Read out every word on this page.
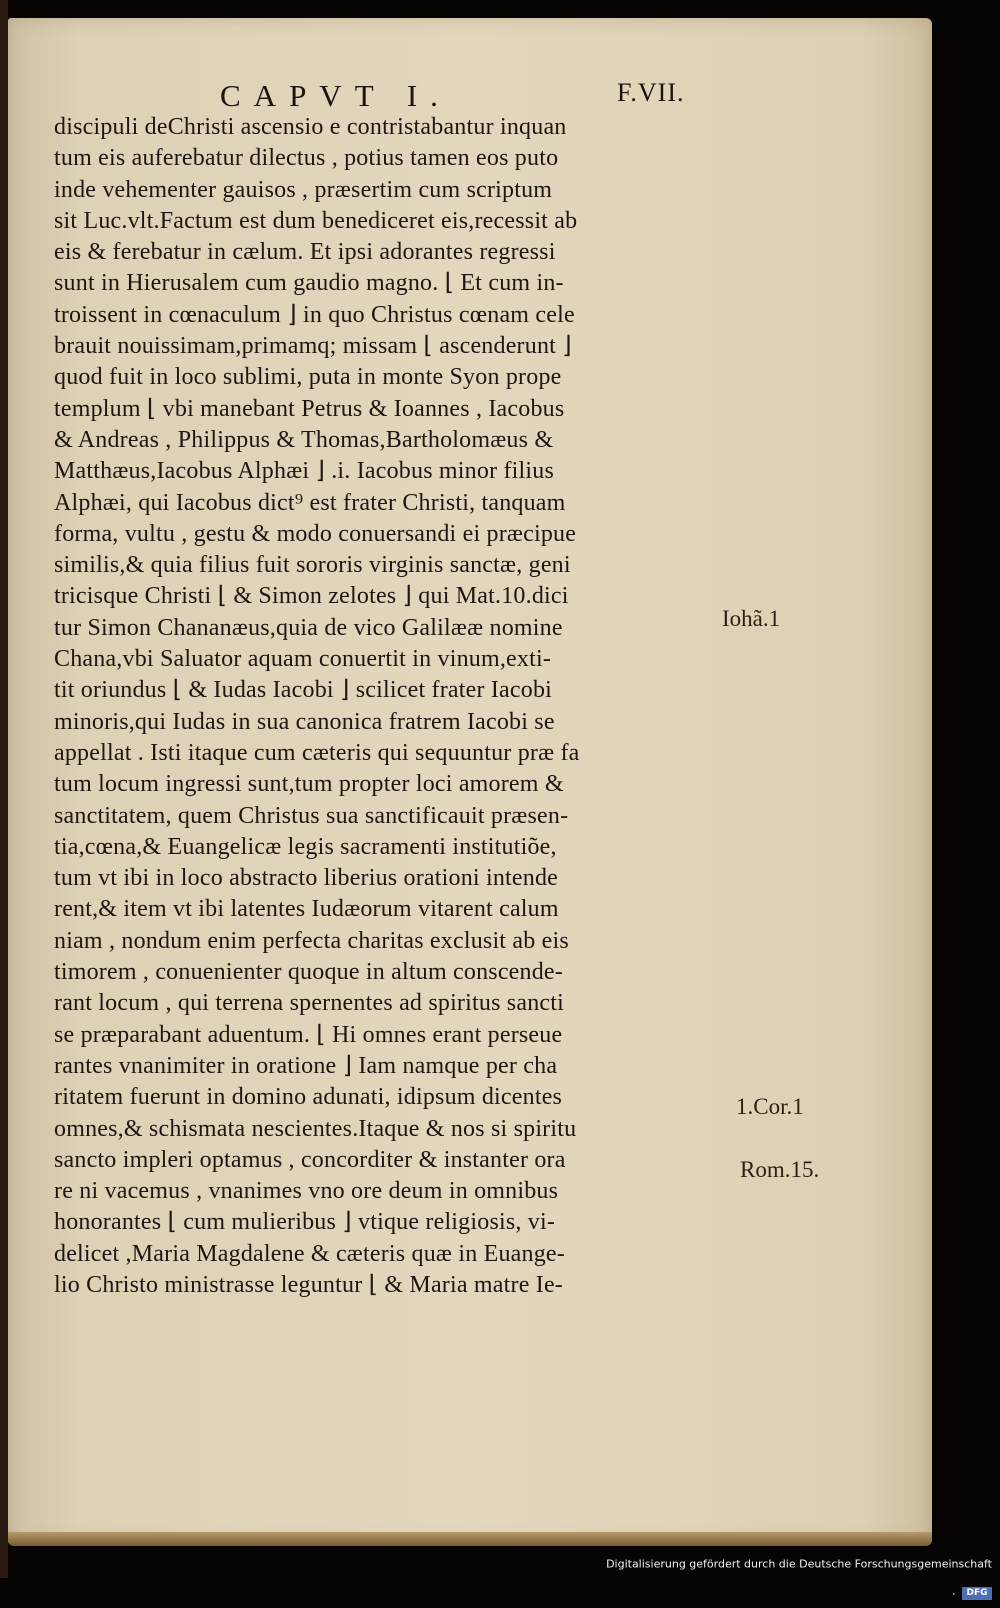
CAPVT I.	F.VII.
discipuli deChristi ascensio e contristabantur inquan
tum eis auferebatur dilectus , potius tamen eos puto
inde vehementer gauisos , præsertim cum scriptum
sit Luc.vlt.Factum est dum benediceret eis,recessit ab
eis & ferebatur in cælum. Et ipsi adorantes regressi
sunt in Hierusalem cum gaudio magno. ⌊ Et cum in-
troissent in cœnaculum ⌋ in quo Christus cœnam cele
brauit nouissimam,primamq; missam ⌊ ascenderunt ⌋
quod fuit in loco sublimi, puta in monte Syon prope
templum ⌊ vbi manebant Petrus & Ioannes , Iacobus
& Andreas , Philippus & Thomas,Bartholomæus &
Matthæus,Iacobus Alphæi ⌋ .i. Iacobus minor filius
Alphæi, qui Iacobus dict⁹ est frater Christi, tanquam
forma, vultu , gestu & modo conuersandi ei præcipue
similis,& quia filius fuit sororis virginis sanctæ, geni
tricisque Christi ⌊ & Simon zelotes ⌋ qui Mat.10.dici
tur Simon Chananæus,quia de vico Galilææ nomine
Chana,vbi Saluator aquam conuertit in vinum,exti-
tit oriundus ⌊ & Iudas Iacobi ⌋ scilicet frater Iacobi
minoris,qui Iudas in sua canonica fratrem Iacobi se
appellat . Isti itaque cum cæteris qui sequuntur præ fa
tum locum ingressi sunt,tum propter loci amorem &
sanctitatem, quem Christus sua sanctificauit præsen-
tia,cœna,& Euangelicæ legis sacramenti institutiõe,
tum vt ibi in loco abstracto liberius orationi intende
rent,& item vt ibi latentes Iudæorum vitarent calum
niam , nondum enim perfecta charitas exclusit ab eis
timorem , conuenienter quoque in altum conscende-
rant locum , qui terrena spernentes ad spiritus sancti
se præparabant aduentum. ⌊ Hi omnes erant perseue
rantes vnanimiter in oratione ⌋ Iam namque per cha
ritatem fuerunt in domino adunati, idipsum dicentes
omnes,& schismata nescientes.Itaque & nos si spiritu
sancto impleri optamus , concorditer & instanter ora
re ni vacemus , vnanimes vno ore deum in omnibus
honorantes ⌊ cum mulieribus ⌋ vtique religiosis, vi-
delicet ,Maria Magdalene & cæteris quæ in Euange-
lio Christo ministrasse leguntur ⌊ & Maria matre Ie-
Iohã.1
1.Cor.1
Rom.15.
Digitalisierung gefördert durch die Deutsche Forschungsgemeinschaft · DFG
